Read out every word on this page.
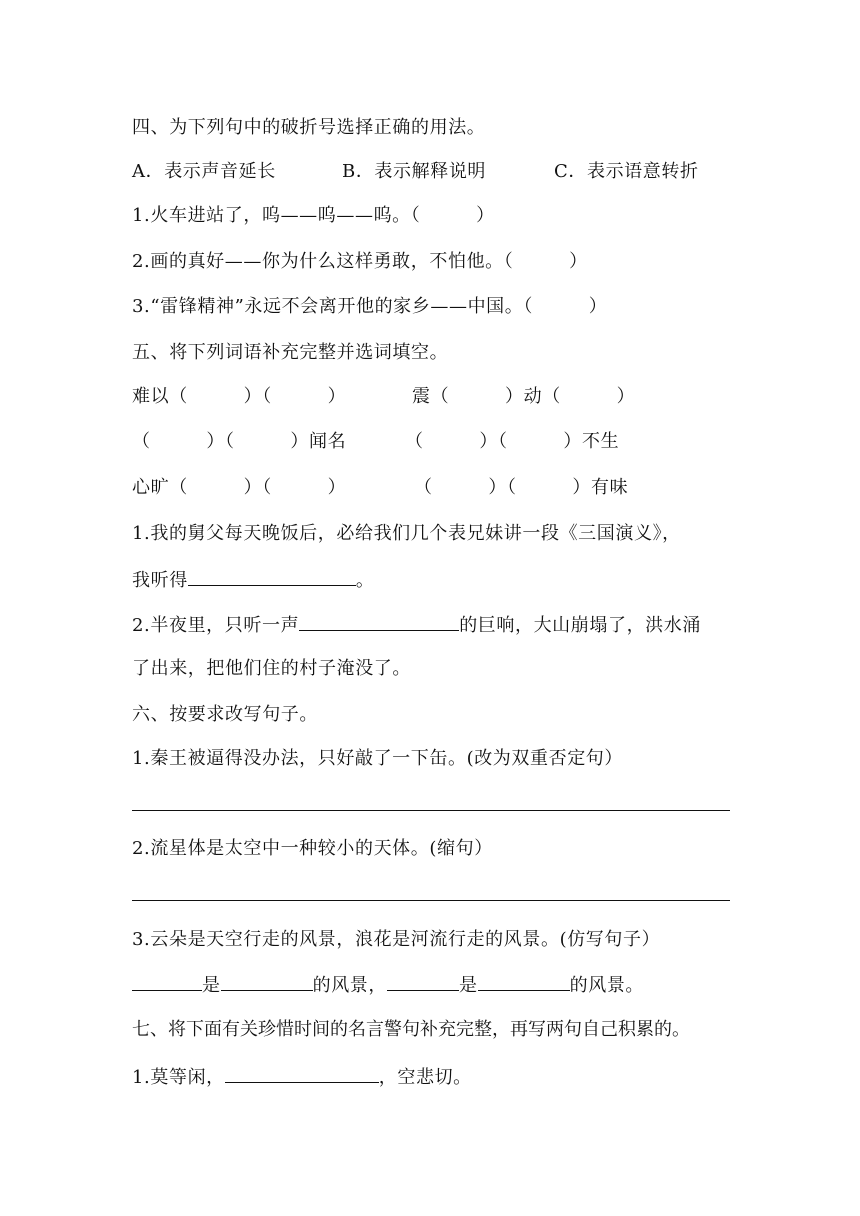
四、为下列句中的破折号选择正确的用法。
A．表示声音延长	B．表示解释说明	C．表示语意转折
1.火车进站了，呜——呜——呜。（　　　）
2.画的真好——你为什么这样勇敢，不怕他。（　　　）
3.“雷锋精神”永远不会离开他的家乡——中国。（　　　）
五、将下列词语补充完整并选词填空。
难以（　　　）（　　　）	震（　　　）动（　　　）
（　　　）（　　　）闻名	（　　　）（　　　）不生
心旷（　　　）（　　　）	（　　　）（　　　）有味
1.我的舅父每天晚饭后，必给我们几个表兄妹讲一段《三国演义》，
我听得	。
2.半夜里，只听一声	的巨响，大山崩塌了，洪水涌
了出来，把他们住的村子淹没了。
六、按要求改写句子。
1.秦王被逼得没办法，只好敲了一下缶。(改为双重否定句）
2.流星体是太空中一种较小的天体。(缩句）
3.云朵是天空行走的风景，浪花是河流行走的风景。(仿写句子）
是	的风景，	是	的风景。
七、将下面有关珍惜时间的名言警句补充完整，再写两句自己积累的。
1.莫等闲，	，空悲切。
